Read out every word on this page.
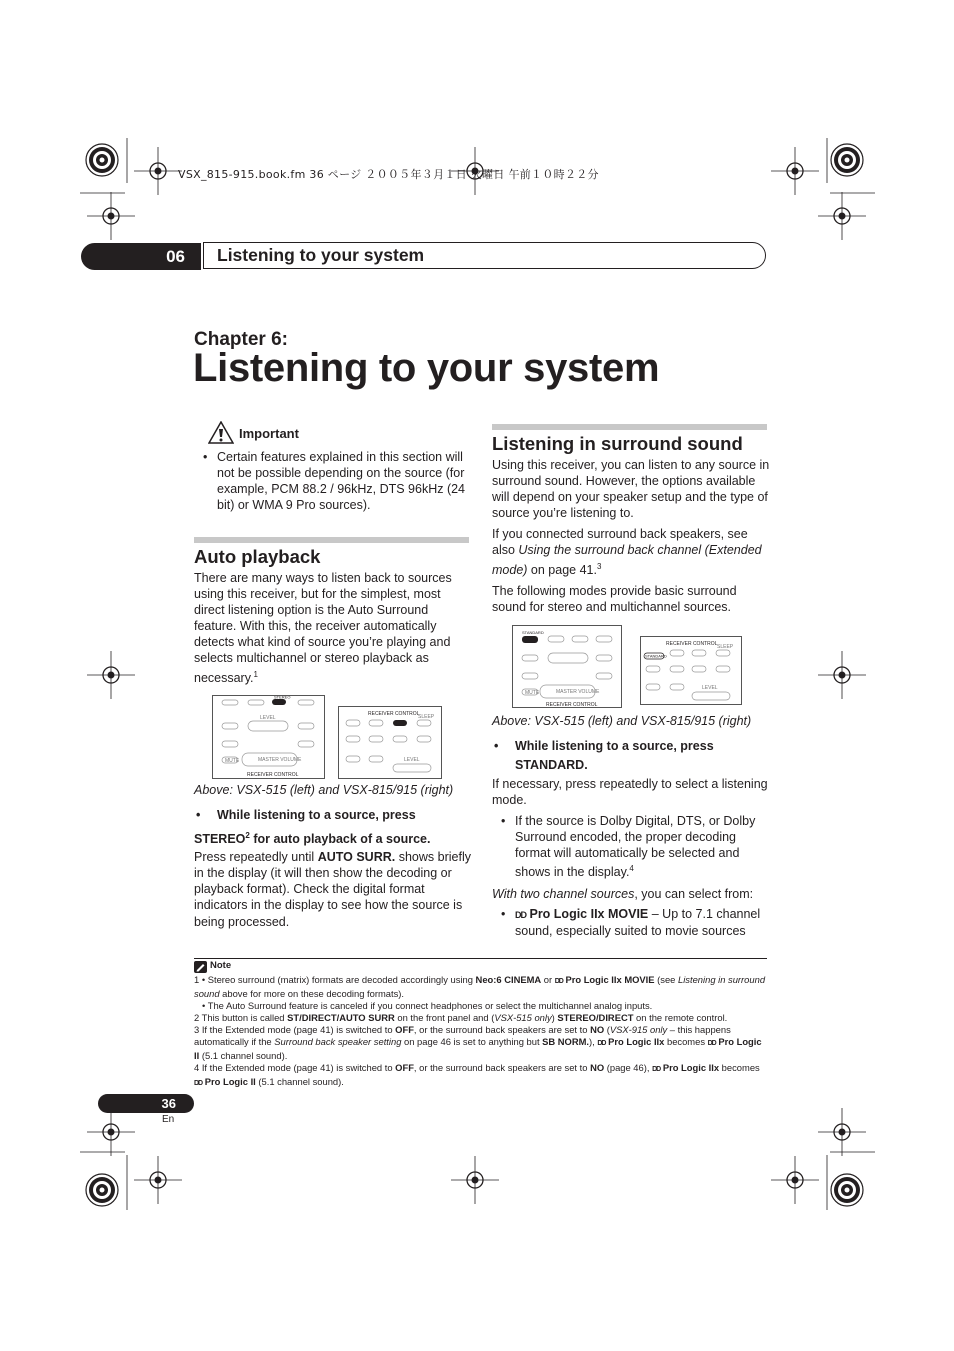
VSX_815-915.book.fm 36 ページ ２００５年３月１日 火曜日 午前１０時２２分
06	Listening to your system
Chapter 6:
Listening to your system
Important
• Certain features explained in this section will not be possible depending on the source (for example, PCM 88.2 / 96kHz, DTS 96kHz (24 bit) or WMA 9 Pro sources).
Auto playback
There are many ways to listen back to sources using this receiver, but for the simplest, most direct listening option is the Auto Surround feature. With this, the receiver automatically detects what kind of source you’re playing and selects multichannel or stereo playback as necessary.$^1$
STEREO
MASTER VOLUME
MUTE
LEVEL
RECEIVER CONTROL
RECEIVER CONTROL
SLEEP
LEVEL
Above: VSX-515 (left) and VSX-815/915 (right)
• While listening to a source, press
STEREO$^2$ for auto playback of a source.
Press repeatedly until AUTO SURR. shows briefly in the display (it will then show the decoding or playback format). Check the digital format indicators in the display to see how the source is being processed.
Listening in surround sound

Using this receiver, you can listen to any source in surround sound. However, the options available will depend on your speaker setup and the type of source you’re listening to.

If you connected surround back speakers, see also Using the surround back channel (Extended mode) on page 41.$^3$

The following modes provide basic surround sound for stereo and multichannel sources.

STANDARD
MASTER VOLUME
MUTE
RECEIVER CONTROL
RECEIVER CONTROL
STANDARD
SLEEP
LEVEL
Above: VSX-515 (left) and VSX-815/915 (right)
• While listening to a source, press STANDARD.
If necessary, press repeatedly to select a listening mode.
• If the source is Dolby Digital, DTS, or Dolby Surround encoded, the proper decoding format will automatically be selected and shows in the display.$^4$
With two channel sources, you can select from:
• DD Pro Logic IIx MOVIE – Up to 7.1 channel sound, especially suited to movie sources
Note
1 • Stereo surround (matrix) formats are decoded accordingly using Neo:6 CINEMA or DD Pro Logic IIx MOVIE (see Listening in surround sound above for more on these decoding formats).
• The Auto Surround feature is canceled if you connect headphones or select the multichannel analog inputs.
2 This button is called ST/DIRECT/AUTO SURR on the front panel and (VSX-515 only) STEREO/DIRECT on the remote control.
3 If the Extended mode (page 41) is switched to OFF, or the surround back speakers are set to NO (VSX-915 only – this happens automatically if the Surround back speaker setting on page 46 is set to anything but SB NORM.), DD Pro Logic IIx becomes DD Pro Logic II (5.1 channel sound).
4 If the Extended mode (page 41) is switched to OFF, or the surround back speakers are set to NO (page 46), DD Pro Logic IIx becomes DD Pro Logic II (5.1 channel sound).
36
En
